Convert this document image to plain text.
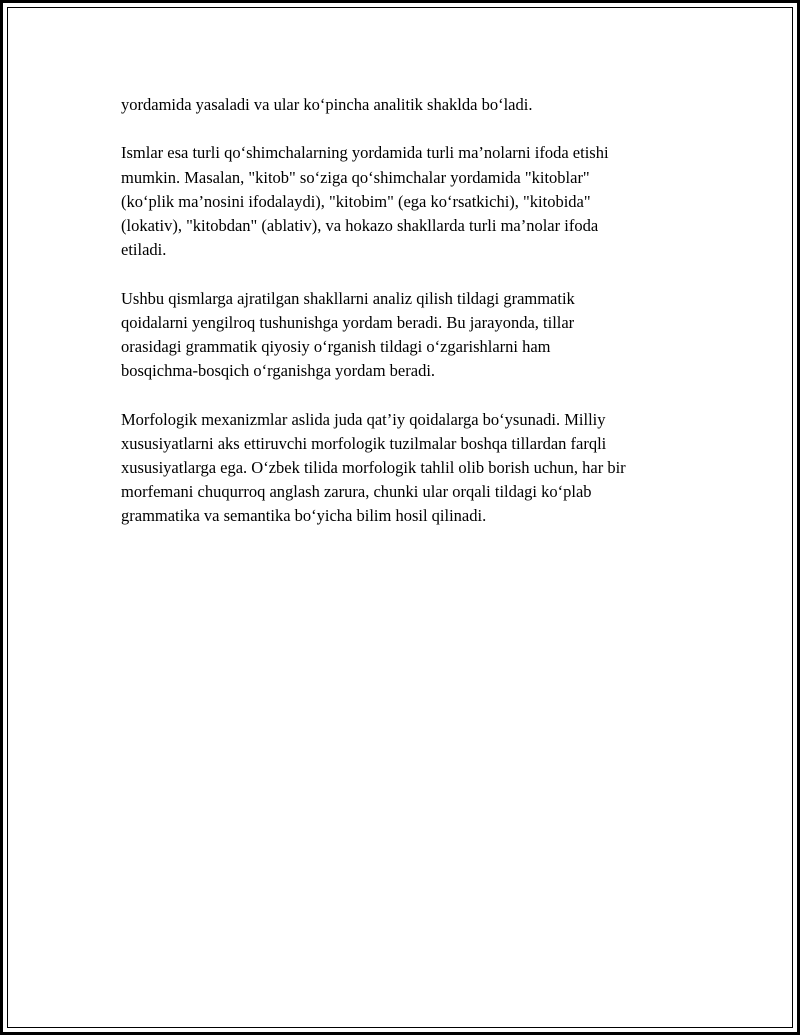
yordamida yasaladi va ular ko‘pincha analitik shaklda bo‘ladi.

Ismlar esa turli qo‘shimchalarning yordamida turli ma’nolarni ifoda etishi
mumkin. Masalan, "kitob" so‘ziga qo‘shimchalar yordamida "kitoblar"
(ko‘plik ma’nosini ifodalaydi), "kitobim" (ega ko‘rsatkichi), "kitobida"
(lokativ), "kitobdan" (ablativ), va hokazo shakllarda turli ma’nolar ifoda
etiladi.

Ushbu qismlarga ajratilgan shakllarni analiz qilish tildagi grammatik
qoidalarni yengilroq tushunishga yordam beradi. Bu jarayonda, tillar
orasidagi grammatik qiyosiy o‘rganish tildagi o‘zgarishlarni ham
bosqichma-bosqich o‘rganishga yordam beradi.

Morfologik mexanizmlar aslida juda qat’iy qoidalarga bo‘ysunadi. Milliy
xususiyatlarni aks ettiruvchi morfologik tuzilmalar boshqa tillardan farqli
xususiyatlarga ega. O‘zbek tilida morfologik tahlil olib borish uchun, har bir
morfemani chuqurroq anglash zarura, chunki ular orqali tildagi ko‘plab
grammatika va semantika bo‘yicha bilim hosil qilinadi.
